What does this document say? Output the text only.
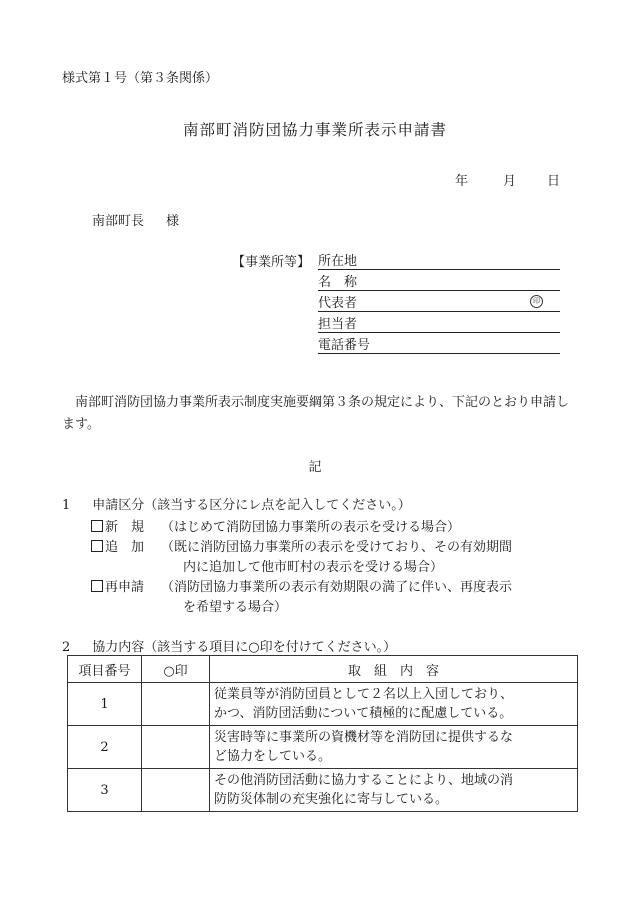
様式第１号（第３条関係）
南部町消防団協力事業所表示申請書
年	月 日
南部町長 様
【事業所等】 所在地
名　称
代表者	印
担当者
電話番号
南部町消防団協力事業所表示制度実施要綱第３条の規定により、下記のとおり申請します。
記
1 申請区分（該当する区分にレ点を記入してください。）
新　規 （はじめて消防団協力事業所の表示を受ける場合）
追　加 （既に消防団協力事業所の表示を受けており、その有効期間
内に追加して他市町村の表示を受ける場合）
再申請 （消防団協力事業所の表示有効期限の満了に伴い、再度表示
を希望する場合）
2 協力内容（該当する項目に○印を付けてください。）
項目番号	○印	取　組　内　容
1		従業員等が消防団員として２名以上入団しており、
かつ、消防団活動について積極的に配慮している。

2		災害時等に事業所の資機材等を消防団に提供するな
ど協力をしている。

3		その他消防団活動に協力することにより、地域の消
防防災体制の充実強化に寄与している。
